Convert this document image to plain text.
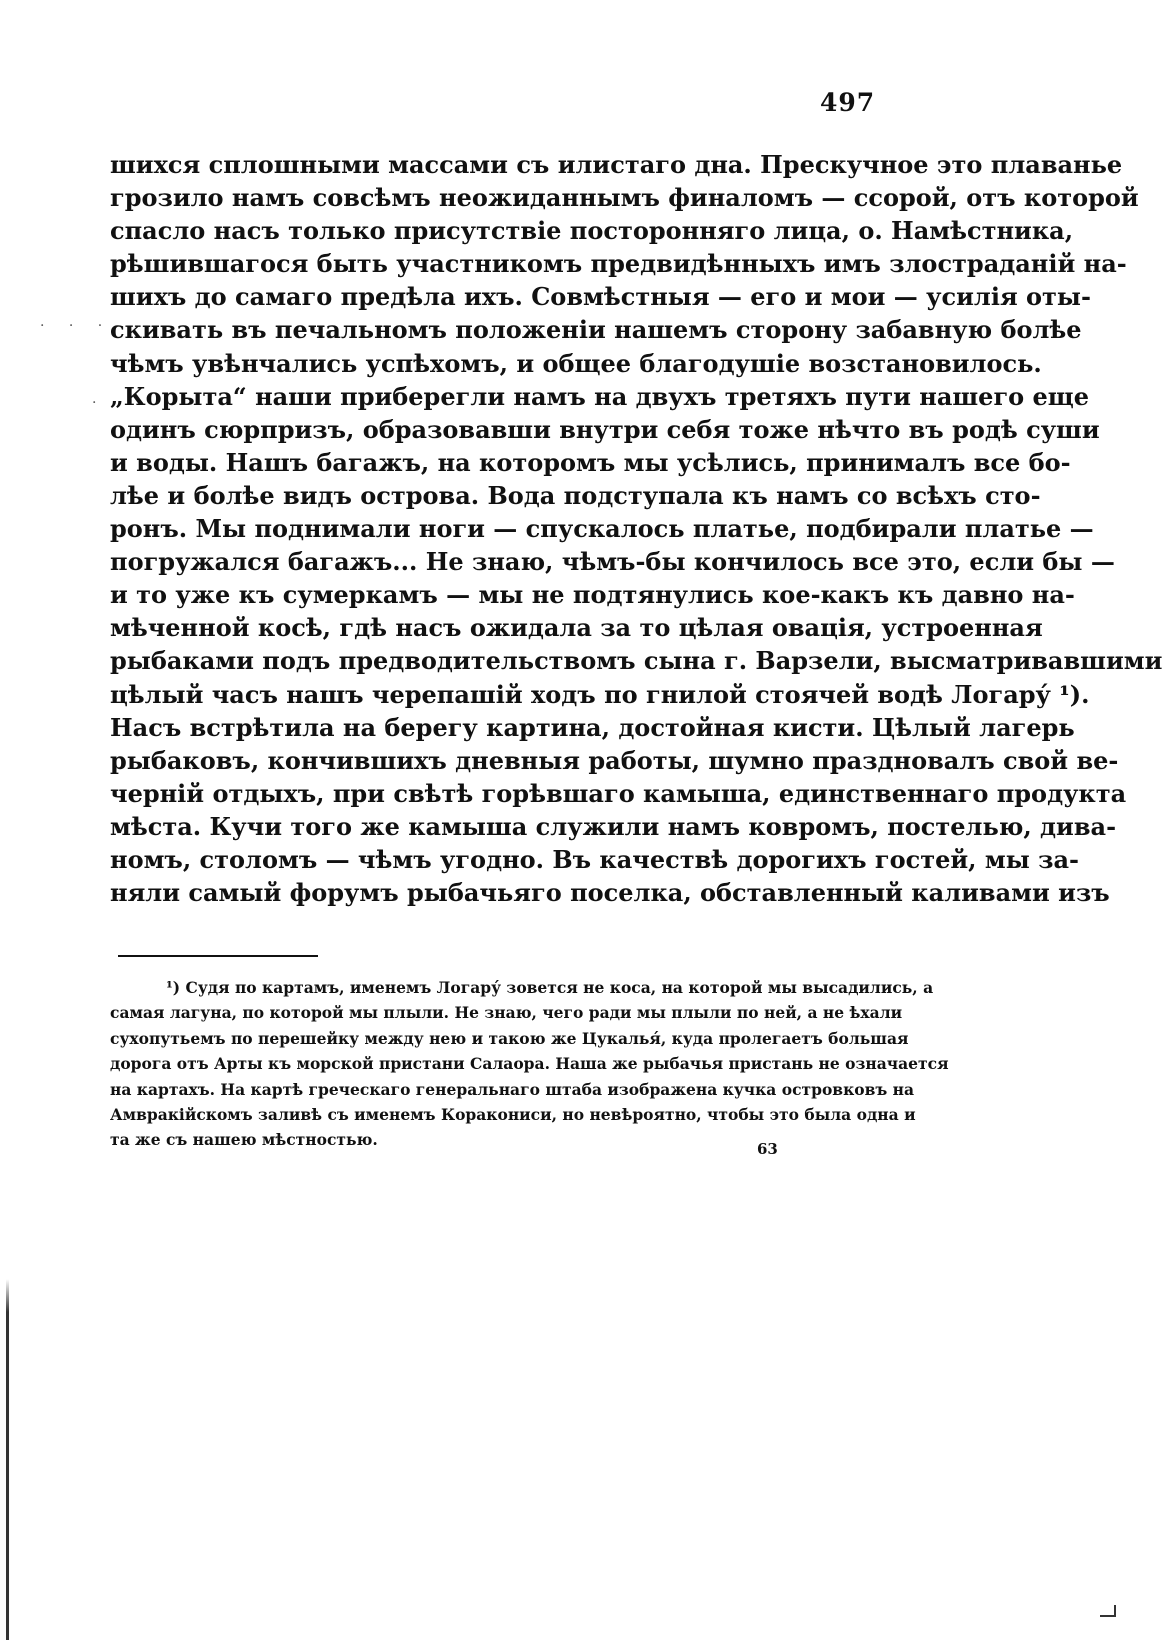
· · ·
·
497
шихся сплошными массами съ илистаго дна. Прескучное это плаванье
грозило намъ совсѣмъ неожиданнымъ финаломъ — ссорой, отъ которой
спасло насъ только присутствіе посторонняго лица, о. Намѣстника,
рѣшившагося быть участникомъ предвидѣнныхъ имъ злостраданій на-
шихъ до самаго предѣла ихъ. Совмѣстныя — его и мои — усилія оты-
скивать въ печальномъ положеніи нашемъ сторону забавную болѣе
чѣмъ увѣнчались успѣхомъ, и общее благодушіе возстановилось.
„Корыта“ наши приберегли намъ на двухъ третяхъ пути нашего еще
одинъ сюрпризъ, образовавши внутри себя тоже нѣчто въ родѣ суши
и воды. Нашъ багажъ, на которомъ мы усѣлись, принималъ все бо-
лѣе и болѣе видъ острова. Вода подступала къ намъ со всѣхъ сто-
ронъ. Мы поднимали ноги — спускалось платье, подбирали платье —
погружался багажъ... Не знаю, чѣмъ-бы кончилось все это, если бы —
и то уже къ сумеркамъ — мы не подтянулись кое-какъ къ давно на-
мѣченной косѣ, гдѣ насъ ожидала за то цѣлая овація, устроенная
рыбаками подъ предводительствомъ сына г. Варзели, высматривавшими
цѣлый часъ нашъ черепашій ходъ по гнилой стоячей водѣ Логару́ ¹).
Насъ встрѣтила на берегу картина, достойная кисти. Цѣлый лагерь
рыбаковъ, кончившихъ дневныя работы, шумно праздновалъ свой ве-
черній отдыхъ, при свѣтѣ горѣвшаго камыша, единственнаго продукта
мѣста. Кучи того же камыша служили намъ ковромъ, постелью, дива-
номъ, столомъ — чѣмъ угодно. Въ качествѣ дорогихъ гостей, мы за-
няли самый форумъ рыбачьяго поселка, обставленный каливами изъ
¹) Судя по картамъ, именемъ Логару́ зовется не коса, на которой мы высадились, а
самая лагуна, по которой мы плыли. Не знаю, чего ради мы плыли по ней, а не ѣхали
сухопутьемъ по перешейку между нею и такою же Цукалья́, куда пролегаетъ большая
дорога отъ Арты къ морской пристани Салаора. Наша же рыбачья пристань не означается
на картахъ. На картѣ греческаго генеральнаго штаба изображена кучка островковъ на
Амвракійскомъ заливѣ съ именемъ Коракониси, но невѣроятно, чтобы это была одна и
та же съ нашею мѣстностью.	63
